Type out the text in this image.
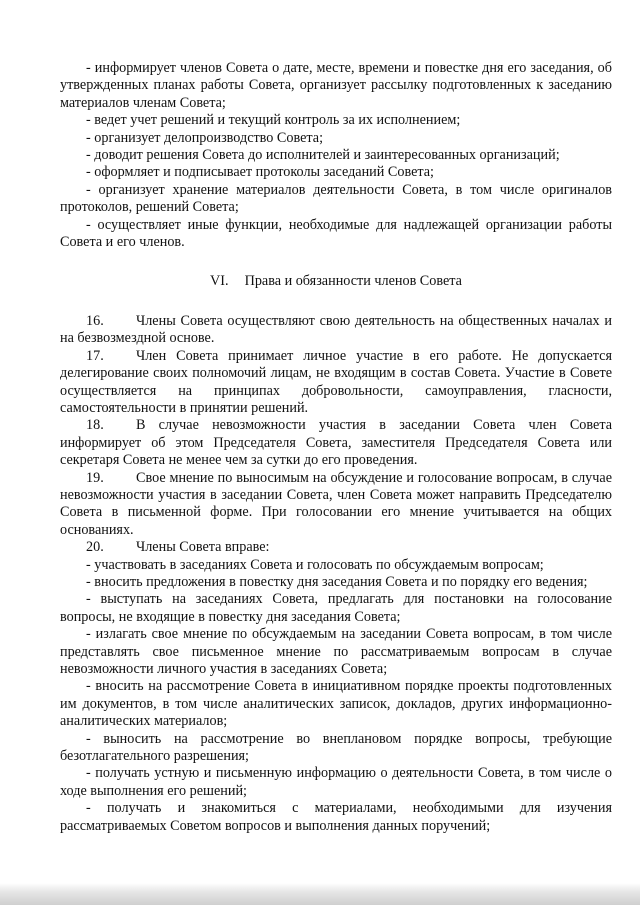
- информирует членов Совета о дате, месте, времени и повестке дня его заседания, об утвержденных планах работы Совета, организует рассылку подготовленных к заседанию материалов членам Совета;

- ведет учет решений и текущий контроль за их исполнением;

- организует делопроизводство Совета;

- доводит решения Совета до исполнителей и заинтересованных организаций;

- оформляет и подписывает протоколы заседаний Совета;

- организует хранение материалов деятельности Совета, в том числе оригиналов протоколов, решений Совета;

- осуществляет иные функции, необходимые для надлежащей организации работы Совета и его членов.

VI. Права и обязанности членов Совета

16. Члены Совета осуществляют свою деятельность на общественных началах и на безвозмездной основе.

17. Член Совета принимает личное участие в его работе. Не допускается делегирование своих полномочий лицам, не входящим в состав Совета. Участие в Совете осуществляется на принципах добровольности, самоуправления, гласности, самостоятельности в принятии решений.

18. В случае невозможности участия в заседании Совета член Совета информирует об этом Председателя Совета, заместителя Председателя Совета или секретаря Совета не менее чем за сутки до его проведения.

19. Свое мнение по выносимым на обсуждение и голосование вопросам, в случае невозможности участия в заседании Совета, член Совета может направить Председателю Совета в письменной форме. При голосовании его мнение учитывается на общих основаниях.

20. Члены Совета вправе:

- участвовать в заседаниях Совета и голосовать по обсуждаемым вопросам;

- вносить предложения в повестку дня заседания Совета и по порядку его ведения;

- выступать на заседаниях Совета, предлагать для постановки на голосование вопросы, не входящие в повестку дня заседания Совета;

- излагать свое мнение по обсуждаемым на заседании Совета вопросам, в том числе представлять свое письменное мнение по рассматриваемым вопросам в случае невозможности личного участия в заседаниях Совета;

- вносить на рассмотрение Совета в инициативном порядке проекты подготовленных им документов, в том числе аналитических записок, докладов, других информационно-аналитических материалов;

- выносить на рассмотрение во внеплановом порядке вопросы, требующие безотлагательного разрешения;

- получать устную и письменную информацию о деятельности Совета, в том числе о ходе выполнения его решений;

- получать и знакомиться с материалами, необходимыми для изучения рассматриваемых Советом вопросов и выполнения данных поручений;
